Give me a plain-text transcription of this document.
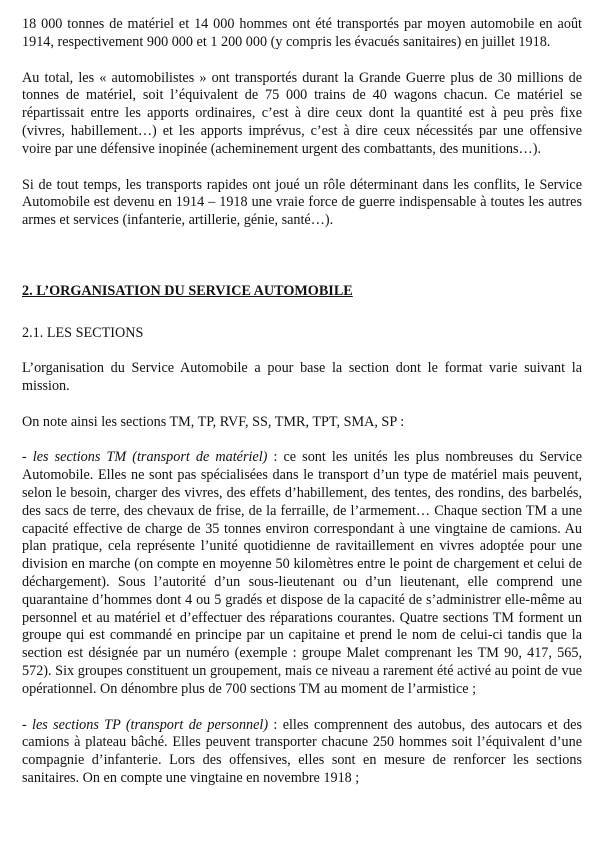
18 000 tonnes de matériel et 14 000 hommes ont été transportés par moyen automobile en août 1914, respectivement 900 000 et 1 200 000 (y compris les évacués sanitaires) en juillet 1918.

Au total, les « automobilistes » ont transportés durant la Grande Guerre plus de 30 millions de tonnes de matériel, soit l’équivalent de 75 000 trains de 40 wagons chacun. Ce matériel se répartissait entre les apports ordinaires, c’est à dire ceux dont la quantité est à peu près fixe (vivres, habillement…) et les apports imprévus, c’est à dire ceux nécessités par une offensive voire par une défensive inopinée (acheminement urgent des combattants, des munitions…).

Si de tout temps, les transports rapides ont joué un rôle déterminant dans les conflits, le Service Automobile est devenu en 1914 – 1918 une vraie force de guerre indispensable à toutes les autres armes et services (infanterie, artillerie, génie, santé…).

2. L’ORGANISATION DU SERVICE AUTOMOBILE
2.1. LES SECTIONS

L’organisation du Service Automobile a pour base la section dont le format varie suivant la mission.

On note ainsi les sections TM, TP, RVF, SS, TMR, TPT, SMA, SP :

- les sections TM (transport de matériel) : ce sont les unités les plus nombreuses du Service Automobile. Elles ne sont pas spécialisées dans le transport d’un type de matériel mais peuvent, selon le besoin, charger des vivres, des effets d’habillement, des tentes, des rondins, des barbelés, des sacs de terre, des chevaux de frise, de la ferraille, de l’armement… Chaque section TM a une capacité effective de charge de 35 tonnes environ correspondant à une vingtaine de camions. Au plan pratique, cela représente l’unité quotidienne de ravitaillement en vivres adoptée pour une division en marche (on compte en moyenne 50 kilomètres entre le point de chargement et celui de déchargement). Sous l’autorité d’un sous-lieutenant ou d’un lieutenant, elle comprend une quarantaine d’hommes dont 4 ou 5 gradés et dispose de la capacité de s’administrer elle-même au personnel et au matériel et d’effectuer des réparations courantes. Quatre sections TM forment un groupe qui est commandé en principe par un capitaine et prend le nom de celui-ci tandis que la section est désignée par un numéro (exemple : groupe Malet comprenant les TM 90, 417, 565, 572). Six groupes constituent un groupement, mais ce niveau a rarement été activé au point de vue opérationnel. On dénombre plus de 700 sections TM au moment de l’armistice ;

- les sections TP (transport de personnel) : elles comprennent des autobus, des autocars et des camions à plateau bâché. Elles peuvent transporter chacune 250 hommes soit l’équivalent d’une compagnie d’infanterie. Lors des offensives, elles sont en mesure de renforcer les sections sanitaires. On en compte une vingtaine en novembre 1918 ;
